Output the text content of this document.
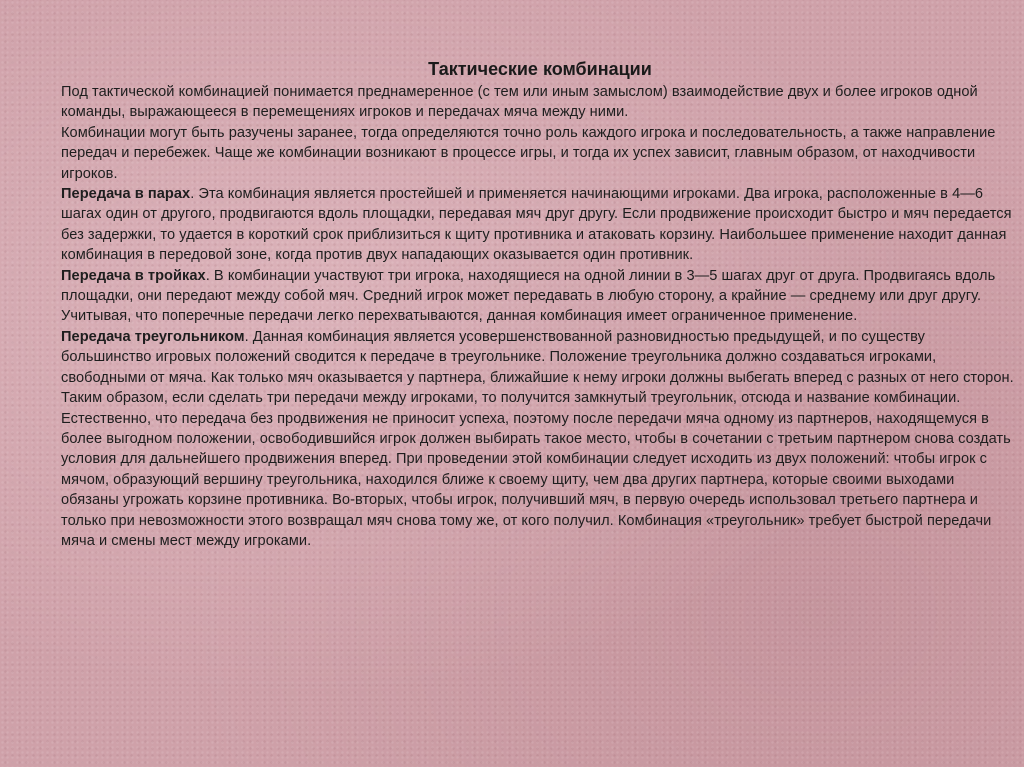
Тактические комбинации

Под тактической комбинацией понимается преднамеренное (с тем или иным замыслом) взаимодействие двух и более игроков одной команды, выражающееся в перемещениях игроков и передачах мяча между ними.

Комбинации могут быть разучены заранее, тогда определяются точно роль каждого игрока и последовательность, а также направление передач и перебежек. Чаще же комбинации возникают в процессе игры, и тогда их успех зависит, главным образом, от находчивости игроков.

Передача в парах. Эта комбинация является простейшей и применяется начинающими игроками. Два игрока, расположенные в 4—6 шагах один от другого, продвигаются вдоль площадки, передавая мяч друг другу. Если продвижение происходит быстро и мяч передается без задержки, то удается в короткий срок приблизиться к щиту противника и атаковать корзину. Наибольшее применение находит данная комбинация в передовой зоне, когда против двух нападающих оказывается один противник.

Передача в тройках. В комбинации участвуют три игрока, находящиеся на одной линии в 3—5 шагах друг от друга. Продвигаясь вдоль площадки, они передают между собой мяч. Средний игрок может передавать в любую сторону, а крайние — среднему или друг другу. Учитывая, что поперечные передачи легко перехватываются, данная комбинация имеет ограниченное применение.

Передача треугольником. Данная комбинация является усовершенствованной разновидностью предыдущей, и по существу большинство игровых положений сводится к передаче в треугольнике. Положение треугольника должно создаваться игроками, свободными от мяча. Как только мяч оказывается у партнера, ближайшие к нему игроки должны выбегать вперед с разных от него сторон. Таким образом, если сделать три передачи между игроками, то получится замкнутый треугольник, отсюда и название комбинации. Естественно, что передача без продвижения не приносит успеха, поэтому после передачи мяча одному из партнеров, находящемуся в более выгодном положении, освободившийся игрок должен выбирать такое место, чтобы в сочетании с третьим партнером снова создать условия для дальнейшего продвижения вперед. При проведении этой комбинации следует исходить из двух положений: чтобы игрок с мячом, образующий вершину треугольника, находился ближе к своему щиту, чем два других партнера, которые своими выходами обязаны угрожать корзине противника. Во-вторых, чтобы игрок, получивший мяч, в первую очередь использовал третьего партнера и только при невозможности этого возвращал мяч снова тому же, от кого получил. Комбинация «треугольник» требует быстрой передачи мяча и смены мест между игроками.
